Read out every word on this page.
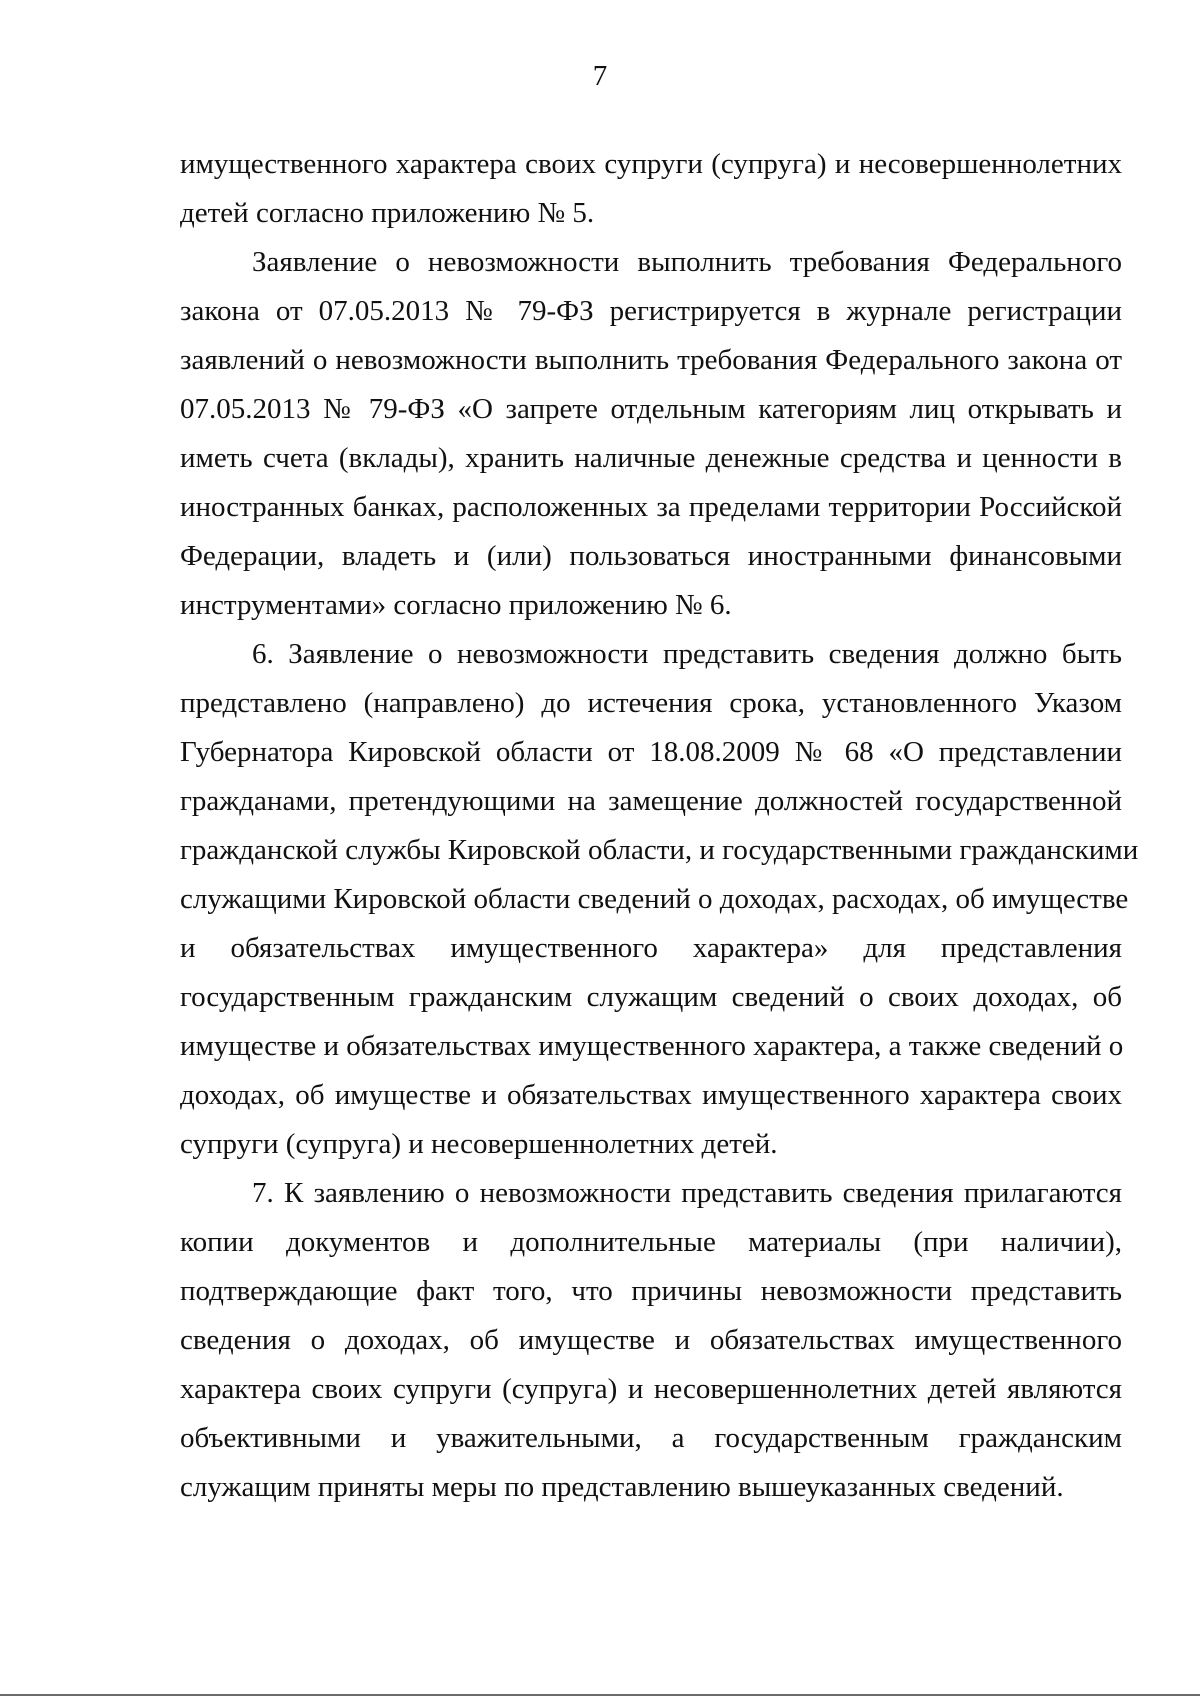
7

имущественного характера своих супруги (супруга) и несовершеннолетних
детей согласно приложению № 5.

Заявление о невозможности выполнить требования Федерального
закона от 07.05.2013 № 79-ФЗ регистрируется в журнале регистрации
заявлений о невозможности выполнить требования Федерального закона от
07.05.2013 № 79-ФЗ «О запрете отдельным категориям лиц открывать и
иметь счета (вклады), хранить наличные денежные средства и ценности в
иностранных банках, расположенных за пределами территории Российской
Федерации, владеть и (или) пользоваться иностранными финансовыми
инструментами» согласно приложению № 6.

6. Заявление о невозможности представить сведения должно быть
представлено (направлено) до истечения срока, установленного Указом
Губернатора Кировской области от 18.08.2009 № 68 «О представлении
гражданами, претендующими на замещение должностей государственной
гражданской службы Кировской области, и государственными гражданскими
служащими Кировской области сведений о доходах, расходах, об имуществе
и обязательствах имущественного характера» для представления
государственным гражданским служащим сведений о своих доходах, об
имуществе и обязательствах имущественного характера, а также сведений о
доходах, об имуществе и обязательствах имущественного характера своих
супруги (супруга) и несовершеннолетних детей.

7. К заявлению о невозможности представить сведения прилагаются
копии документов и дополнительные материалы (при наличии),
подтверждающие факт того, что причины невозможности представить
сведения о доходах, об имуществе и обязательствах имущественного
характера своих супруги (супруга) и несовершеннолетних детей являются
объективными и уважительными, а государственным гражданским
служащим приняты меры по представлению вышеуказанных сведений.
